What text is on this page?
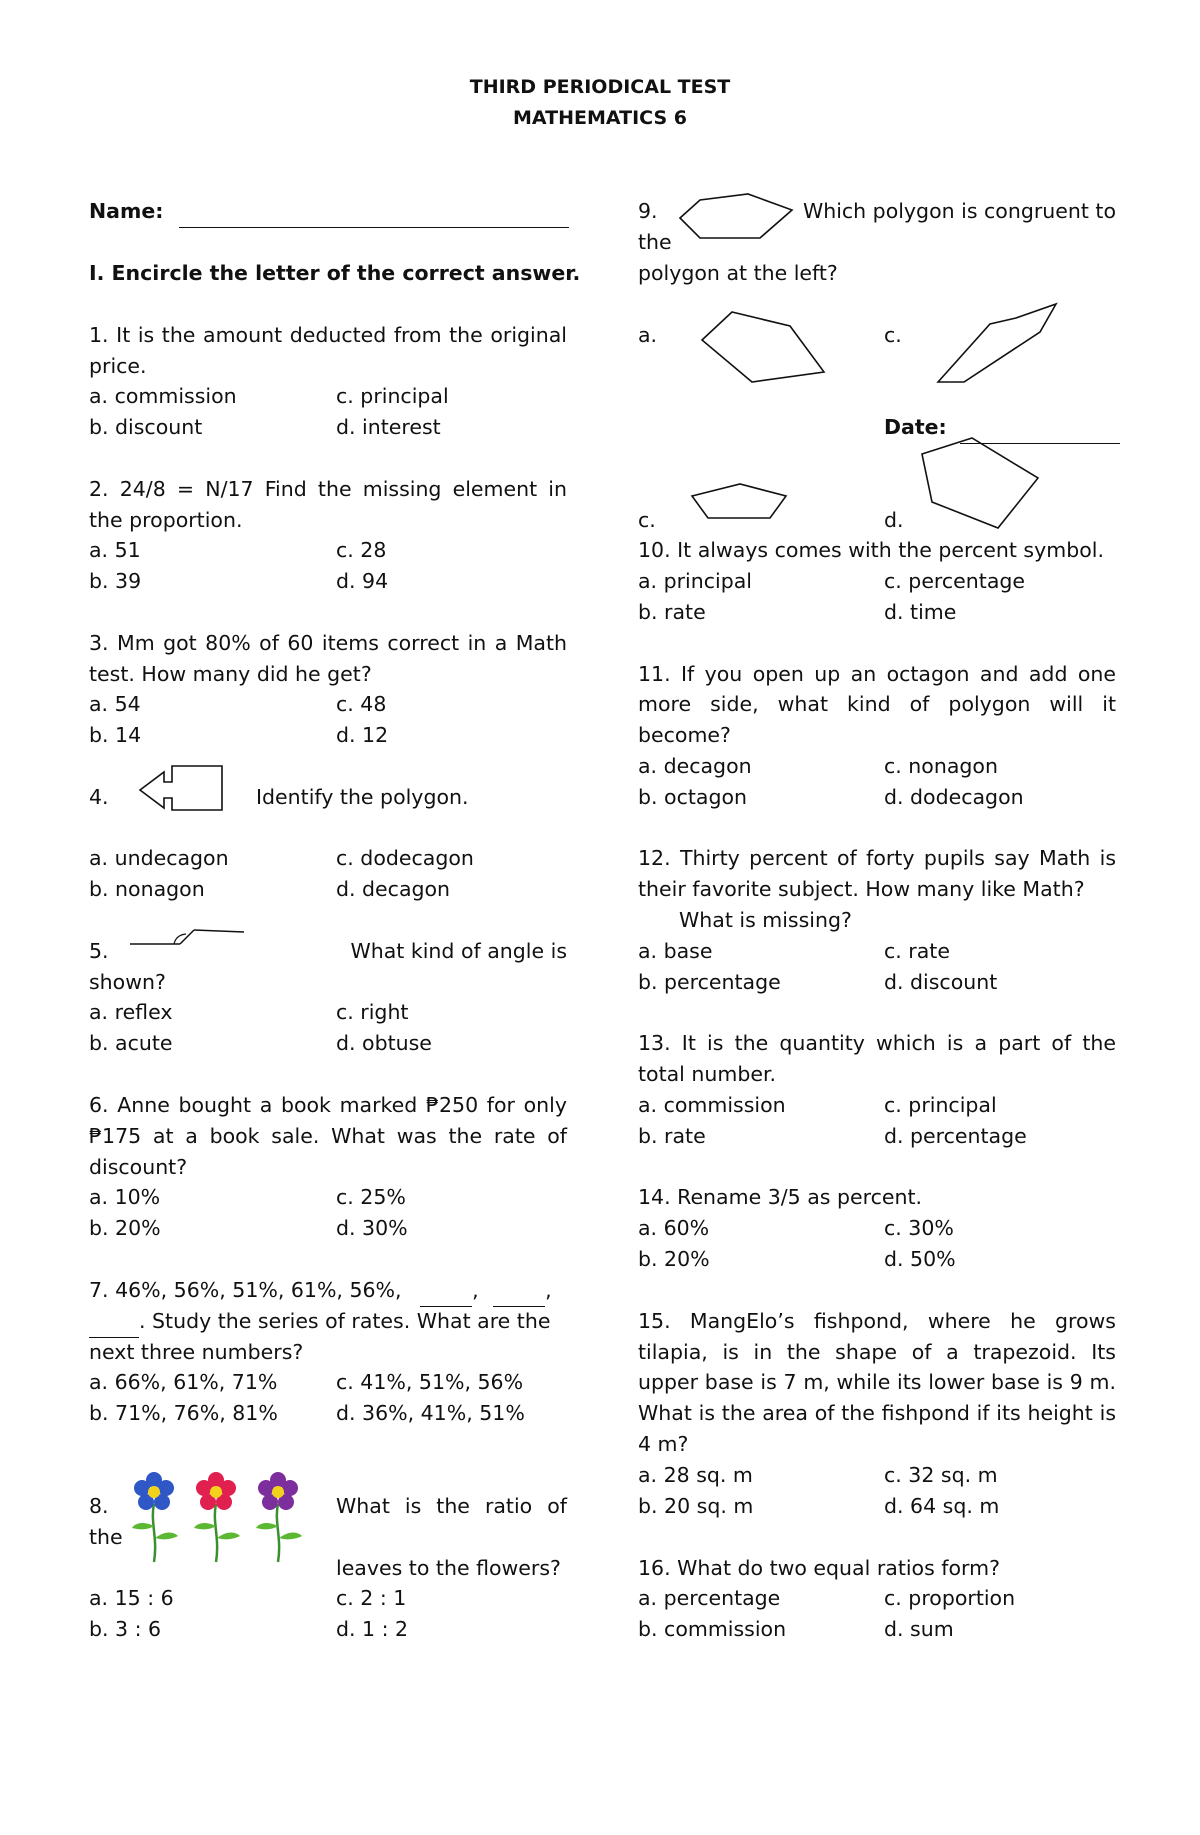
THIRD PERIODICAL TEST
MATHEMATICS 6
Name:
I. Encircle the letter of the correct answer.
1. It is the amount deducted from the original
price.
a. commission	c. principal
b. discount	d. interest
2. 24/8 = N/17 Find the missing element in
the proportion.
a. 51	c. 28
b. 39	d. 94
3. Mm got 80% of 60 items correct in a Math
test. How many did he get?
a. 54	c. 48
b. 14	d. 12
4.	Identify the polygon.
a. undecagon	c. dodecagon
b. nonagon	d. decagon
5.	What kind of angle is
shown?
a. reflex	c. right
b. acute	d. obtuse
6. Anne bought a book marked ₱250 for only
₱175 at a book sale. What was the rate of
discount?
a. 10%	c. 25%
b. 20%	d. 30%
7. 46%, 56%, 51%, 61%, 56%,	,	,
. Study the series of rates. What are the
next three numbers?
a. 66%, 61%, 71%	c. 41%, 51%, 56%
b. 71%, 76%, 81%	d. 36%, 41%, 51%
8.	What is the ratio of
the
leaves to the flowers?
a. 15 : 6	c. 2 : 1
b. 3 : 6	d. 1 : 2
9.	Which polygon is congruent to
the
polygon at the left?
a.	c.
Date:
c.	d.
10. It always comes with the percent symbol.
a. principal	c. percentage
b. rate	d. time
11. If you open up an octagon and add one
more side, what kind of polygon will it
become?
a. decagon	c. nonagon
b. octagon	d. dodecagon
12. Thirty percent of forty pupils say Math is
their favorite subject. How many like Math?
What is missing?
a. base	c. rate
b. percentage	d. discount
13. It is the quantity which is a part of the
total number.
a. commission	c. principal
b. rate	d. percentage
14. Rename 3/5 as percent.
a. 60%	c. 30%
b. 20%	d. 50%
15. MangElo’s fishpond, where he grows
tilapia, is in the shape of a trapezoid. Its
upper base is 7 m, while its lower base is 9 m.
What is the area of the fishpond if its height is
4 m?
a. 28 sq. m	c. 32 sq. m
b. 20 sq. m	d. 64 sq. m
16. What do two equal ratios form?
a. percentage	c. proportion
b. commission	d. sum
